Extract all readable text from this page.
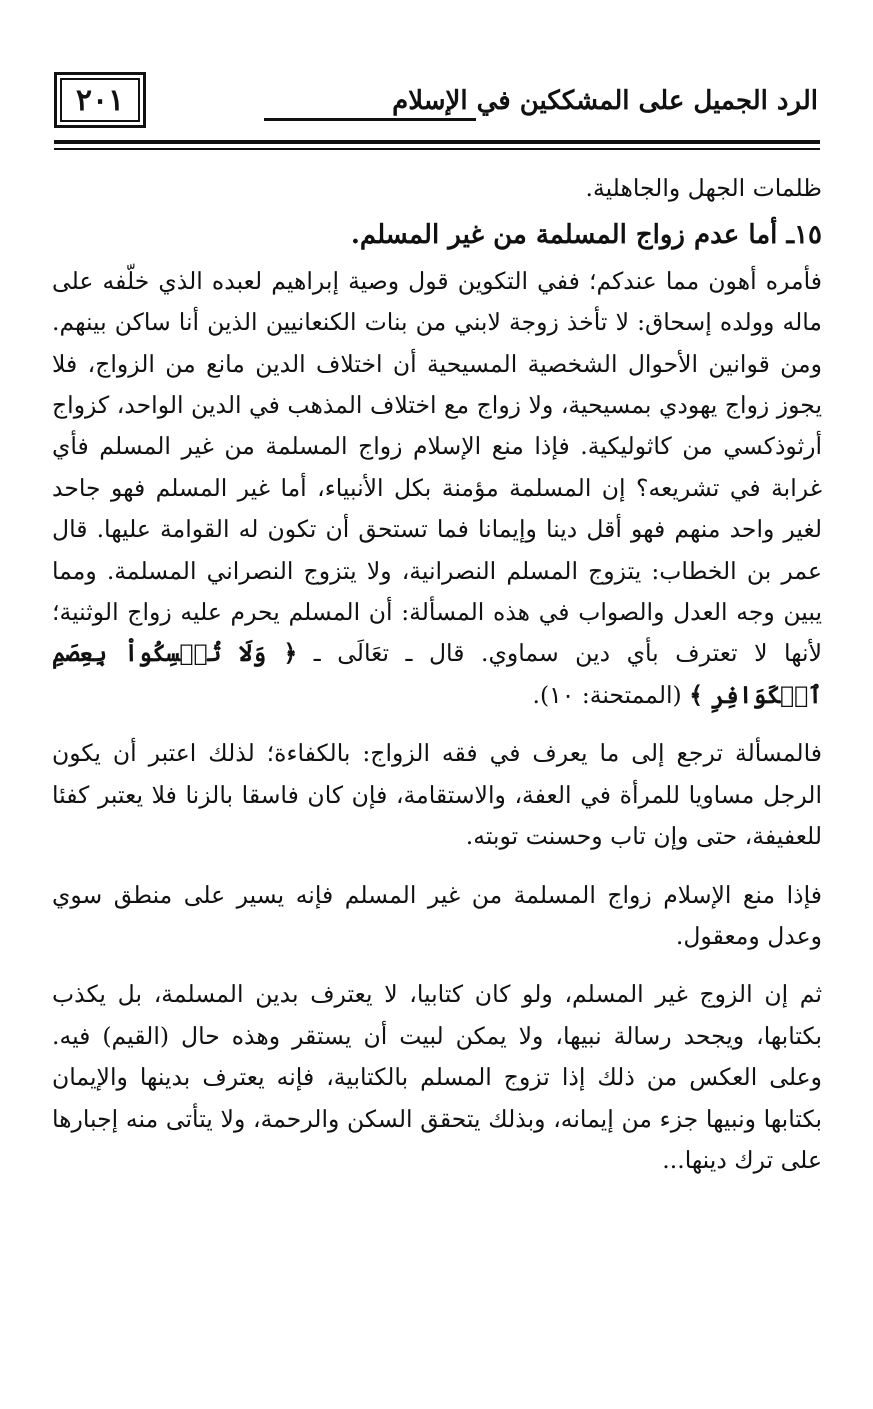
الرد الجميل على المشككين في الإسلام
٢٠١

ظلمات الجهل والجاهلية.

١٥ـ أما عدم زواج المسلمة من غير المسلم.

فأمره أهون مما عندكم؛ ففي التكوين قول وصية إبراهيم لعبده الذي خلّفه على ماله وولده إسحاق: لا تأخذ زوجة لابني من بنات الكنعانيين الذين أنا ساكن بينهم. ومن قوانين الأحوال الشخصية المسيحية أن اختلاف الدين مانع من الزواج، فلا يجوز زواج يهودي بمسيحية، ولا زواج مع اختلاف المذهب في الدين الواحد، كزواج أرثوذكسي من كاثوليكية. فإذا منع الإسلام زواج المسلمة من غير المسلم فأي غرابة في تشريعه؟ إن المسلمة مؤمنة بكل الأنبياء، أما غير المسلم فهو جاحد لغير واحد منهم فهو أقل دينا وإيمانا فما تستحق أن تكون له القوامة عليها. قال عمر بن الخطاب: يتزوج المسلم النصرانية، ولا يتزوج النصراني المسلمة. ومما يبين وجه العدل والصواب في هذه المسألة: أن المسلم يحرم عليه زواج الوثنية؛ لأنها لا تعترف بأي دين سماوي. قال ـ تعَالَى ـ ﴿ وَلَا تُمۡسِكُواْ بِعِصَمِ ٱلۡكَوَافِرِ ﴾ (الممتحنة: ١٠).

فالمسألة ترجع إلى ما يعرف في فقه الزواج: بالكفاءة؛ لذلك اعتبر أن يكون الرجل مساويا للمرأة في العفة، والاستقامة، فإن كان فاسقا بالزنا فلا يعتبر كفئا للعفيفة، حتى وإن تاب وحسنت توبته.

فإذا منع الإسلام زواج المسلمة من غير المسلم فإنه يسير على منطق سوي وعدل ومعقول.

ثم إن الزوج غير المسلم، ولو كان كتابيا، لا يعترف بدين المسلمة، بل يكذب بكتابها، ويجحد رسالة نبيها، ولا يمكن لبيت أن يستقر وهذه حال (القيم) فيه. وعلى العكس من ذلك إذا تزوج المسلم بالكتابية، فإنه يعترف بدينها والإيمان بكتابها ونبيها جزء من إيمانه، وبذلك يتحقق السكن والرحمة، ولا يتأتى منه إجبارها على ترك دينها...
